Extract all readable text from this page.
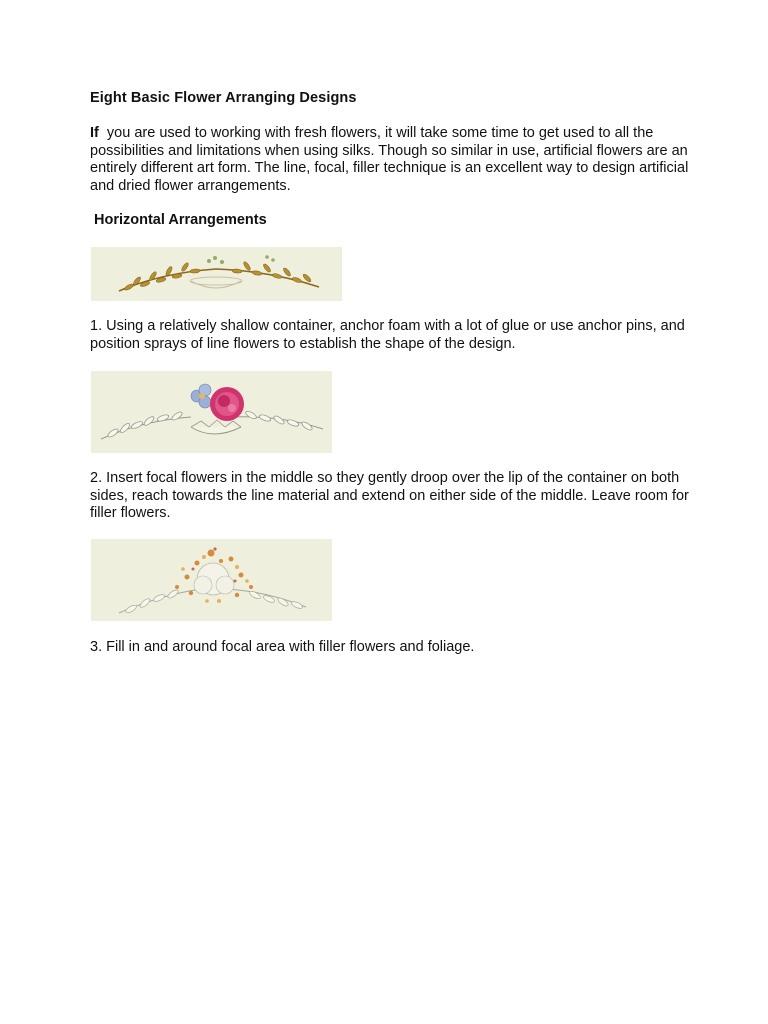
Eight Basic Flower Arranging Designs
If you are used to working with fresh flowers, it will take some time to get used to all the possibilities and limitations when using silks. Though so similar in use, artificial flowers are an entirely different art form. The line, focal, filler technique is an excellent way to design artificial and dried flower arrangements.
Horizontal Arrangements
1. Using a relatively shallow container, anchor foam with a lot of glue or use anchor pins, and position sprays of line flowers to establish the shape of the design.
2. Insert focal flowers in the middle so they gently droop over the lip of the container on both sides, reach towards the line material and extend on either side of the middle. Leave room for filler flowers.
3. Fill in and around focal area with filler flowers and foliage.
